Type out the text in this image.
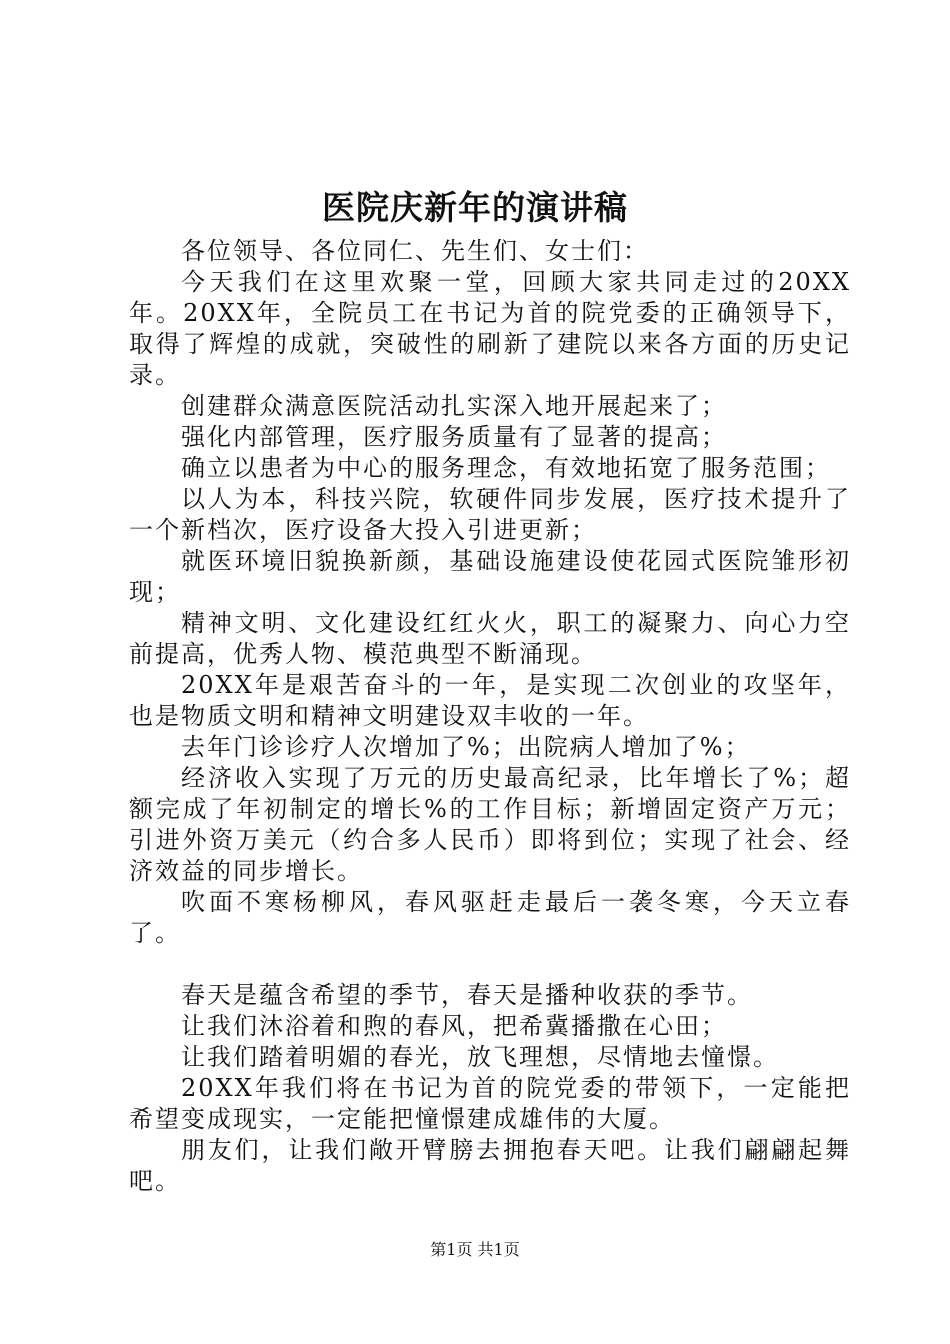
医院庆新年的演讲稿

各位领导、各位同仁、先生们、女士们：

今天我们在这里欢聚一堂，回顾大家共同走过的20XX年。20XX年，全院员工在书记为首的院党委的正确领导下，取得了辉煌的成就，突破性的刷新了建院以来各方面的历史记录。

创建群众满意医院活动扎实深入地开展起来了；

强化内部管理，医疗服务质量有了显著的提高；

确立以患者为中心的服务理念，有效地拓宽了服务范围；

以人为本，科技兴院，软硬件同步发展，医疗技术提升了一个新档次，医疗设备大投入引进更新；

就医环境旧貌换新颜，基础设施建设使花园式医院雏形初现；

精神文明、文化建设红红火火，职工的凝聚力、向心力空前提高，优秀人物、模范典型不断涌现。

20XX年是艰苦奋斗的一年，是实现二次创业的攻坚年，也是物质文明和精神文明建设双丰收的一年。

去年门诊诊疗人次增加了%；出院病人增加了%；

经济收入实现了万元的历史最高纪录，比年增长了%；超额完成了年初制定的增长%的工作目标；新增固定资产万元；引进外资万美元（约合多人民币）即将到位；实现了社会、经济效益的同步增长。

吹面不寒杨柳风，春风驱赶走最后一袭冬寒，今天立春了。

春天是蕴含希望的季节，春天是播种收获的季节。

让我们沐浴着和煦的春风，把希冀播撒在心田；

让我们踏着明媚的春光，放飞理想，尽情地去憧憬。

20XX年我们将在书记为首的院党委的带领下，一定能把希望变成现实，一定能把憧憬建成雄伟的大厦。

朋友们，让我们敞开臂膀去拥抱春天吧。让我们翩翩起舞吧。

第1页 共1页
